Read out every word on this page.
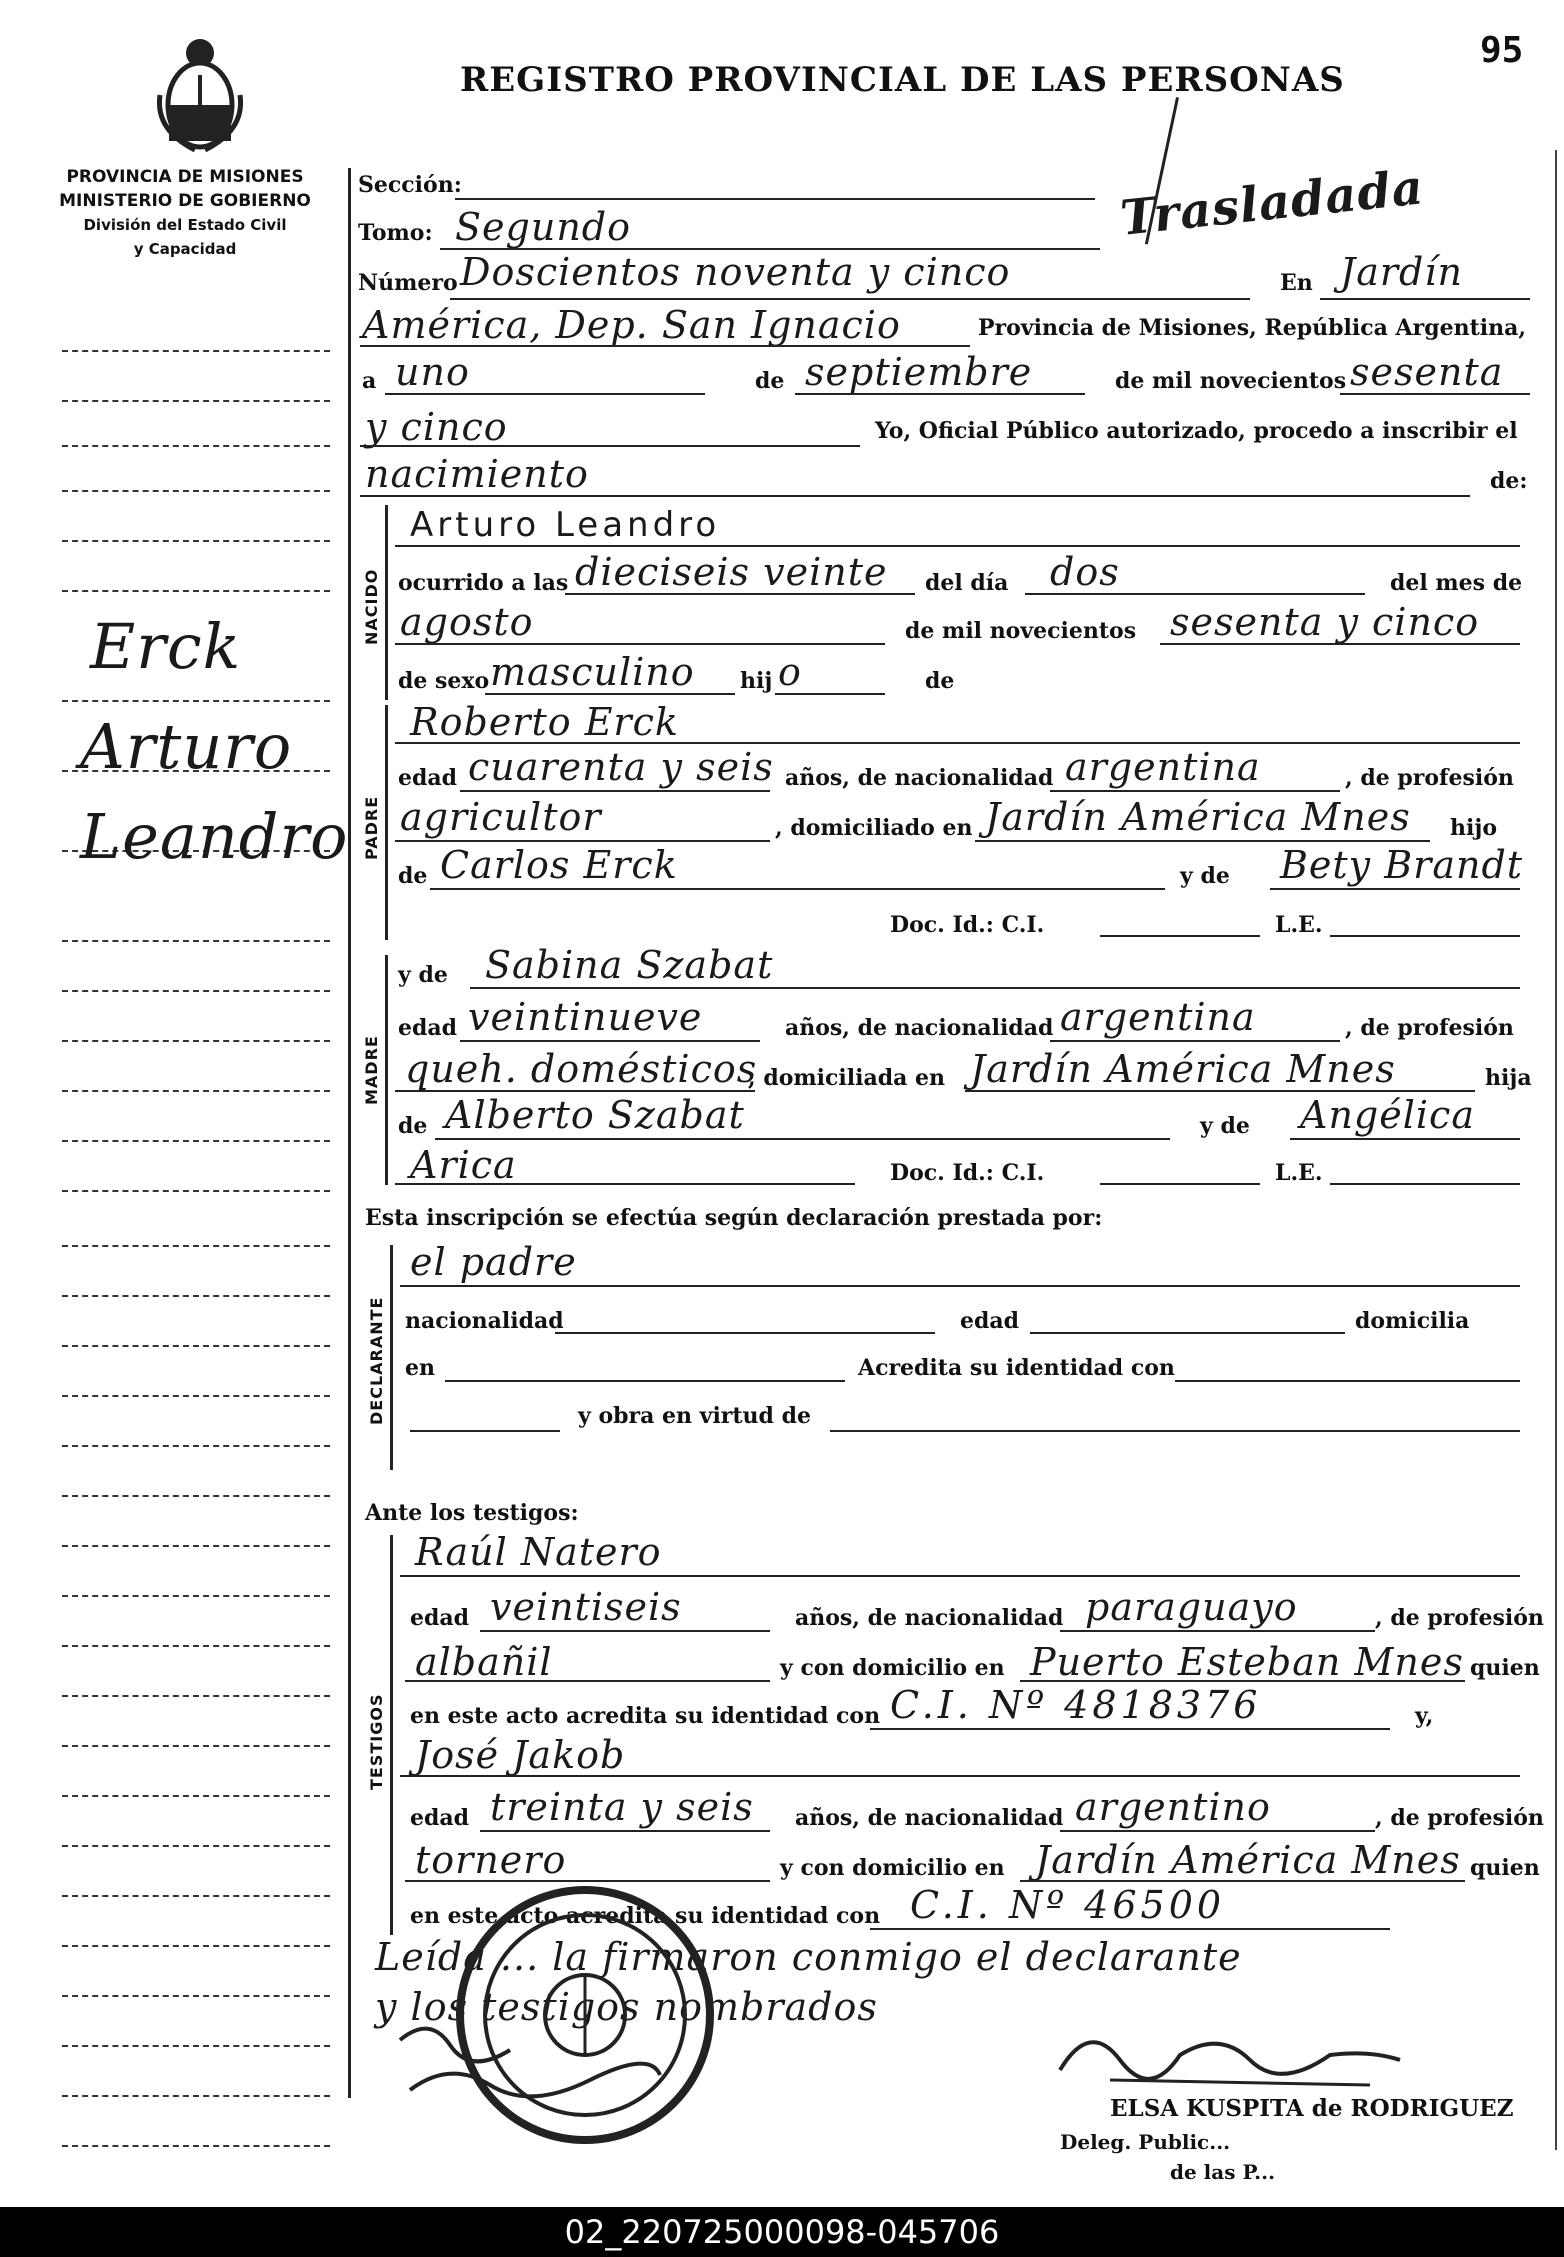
95
REGISTRO PROVINCIAL DE LAS PERSONAS
PROVINCIA DE MISIONES
MINISTERIO DE GOBIERNO
División del Estado Civil
y Capacidad
Trasladada
Erck
Arturo
Leandro
Sección:
Tomo: Segundo
Número Doscientos noventa y cinco	En Jardín
América, Dep. San Ignacio	Provincia de Misiones, República Argentina,
a uno	de septiembre	de mil novecientos sesenta
y cinco	Yo, Oficial Público autorizado, procedo a inscribir el
nacimiento	de:
NACIDO
Arturo Leandro
ocurrido a las dieciseis veinte del día dos	del mes de
agosto	de mil novecientos sesenta y cinco
de sexo masculino hij o	de
PADRE
Roberto Erck
edad cuarenta y seis años, de nacionalidad argentina	, de profesión
agricultor	, domiciliado en Jardín América Mnes hijo
de Carlos Erck	y de Bety Brandt
Doc. Id.: C.I.	L.E.
MADRE
y de Sabina Szabat
edad veintinueve	años, de nacionalidad argentina	, de profesión
queh. domésticos
, domiciliada en Jardín América Mnes	hija
de Alberto Szabat	y de Angélica
Arica	Doc. Id.: C.I.	L.E.
Esta inscripción se efectúa según declaración prestada por:
DECLARANTE
el padre
nacionalidad	edad	domicilia
en	Acredita su identidad con
y obra en virtud de
Ante los testigos:
TESTIGOS
Raúl Natero
edad veintiseis	años, de nacionalidad paraguayo	, de profesión
albañil	y con domicilio en Puerto Esteban Mnes quien
en este acto acredita su identidad con C.I. Nº 4818376	y,
José Jakob
edad treinta y seis años, de nacionalidad argentino	, de profesión
tornero	y con domicilio en Jardín América Mnes quien
en este acto acredita su identidad con C.I. Nº 46500
Leída ... la firmaron conmigo el declarante
y los testigos nombrados
ELSA KUSPITA de RODRIGUEZ
Deleg. Public...
de las P...
02_220725000098-045706
